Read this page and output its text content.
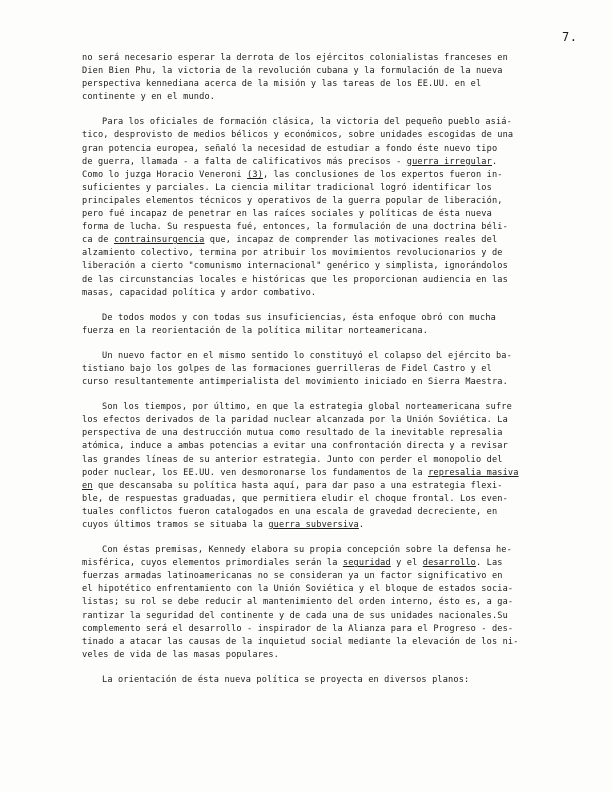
7.
no será necesario esperar la derrota de los ejércitos colonialistas franceses en
Dien Bien Phu, la victoria de la revolución cubana y la formulación de la nueva
perspectiva kennediana acerca de la misión y las tareas de los EE.UU. en el
continente y en el mundo.
Para los oficiales de formación clásica, la victoria del pequeño pueblo asiá-
tico, desprovisto de medios bélicos y económicos, sobre unidades escogidas de una
gran potencia europea, señaló la necesidad de estudiar a fondo éste nuevo tipo
de guerra, llamada - a falta de calificativos más precisos - guerra irregular.
Como lo juzga Horacio Veneroni (3), las conclusiones de los expertos fueron in-
suficientes y parciales. La ciencia militar tradicional logró identificar los
principales elementos técnicos y operativos de la guerra popular de liberación,
pero fué incapaz de penetrar en las raíces sociales y políticas de ésta nueva
forma de lucha. Su respuesta fué, entonces, la formulación de una doctrina béli-
ca de contrainsurgencia que, incapaz de comprender las motivaciones reales del
alzamiento colectivo, termina por atribuir los movimientos revolucionarios y de
liberación a cierto "comunismo internacional" genérico y simplista, ignorándolos
de las circunstancias locales e históricas que les proporcionan audiencia en las
masas, capacidad política y ardor combativo.
De todos modos y con todas sus insuficiencias, ésta enfoque obró con mucha
fuerza en la reorientación de la política militar norteamericana.
Un nuevo factor en el mismo sentido lo constituyó el colapso del ejército ba-
tistiano bajo los golpes de las formaciones guerrilleras de Fidel Castro y el
curso resultantemente antimperialista del movimiento iniciado en Sierra Maestra.
Son los tiempos, por último, en que la estrategia global norteamericana sufre
los efectos derivados de la paridad nuclear alcanzada por la Unión Soviética. La
perspectiva de una destrucción mutua como resultado de la inevitable represalia
atómica, induce a ambas potencias a evitar una confrontación directa y a revisar
las grandes líneas de su anterior estrategia. Junto con perder el monopolio del
poder nuclear, los EE.UU. ven desmoronarse los fundamentos de la represalia masiva
en que descansaba su política hasta aquí, para dar paso a una estrategia flexi-
ble, de respuestas graduadas, que permitiera eludir el choque frontal. Los even-
tuales conflictos fueron catalogados en una escala de gravedad decreciente, en
cuyos últimos tramos se situaba la guerra subversiva.
Con éstas premisas, Kennedy elabora su propia concepción sobre la defensa he-
misférica, cuyos elementos primordiales serán la seguridad y el desarrollo. Las
fuerzas armadas latinoamericanas no se consideran ya un factor significativo en
el hipotético enfrentamiento con la Unión Soviética y el bloque de estados socia-
listas; su rol se debe reducir al mantenimiento del orden interno, ésto es, a ga-
rantizar la seguridad del continente y de cada una de sus unidades nacionales.Su
complemento será el desarrollo - inspirador de la Alianza para el Progreso - des-
tinado a atacar las causas de la inquietud social mediante la elevación de los ni-
veles de vida de las masas populares.
La orientación de ésta nueva política se proyecta en diversos planos:
